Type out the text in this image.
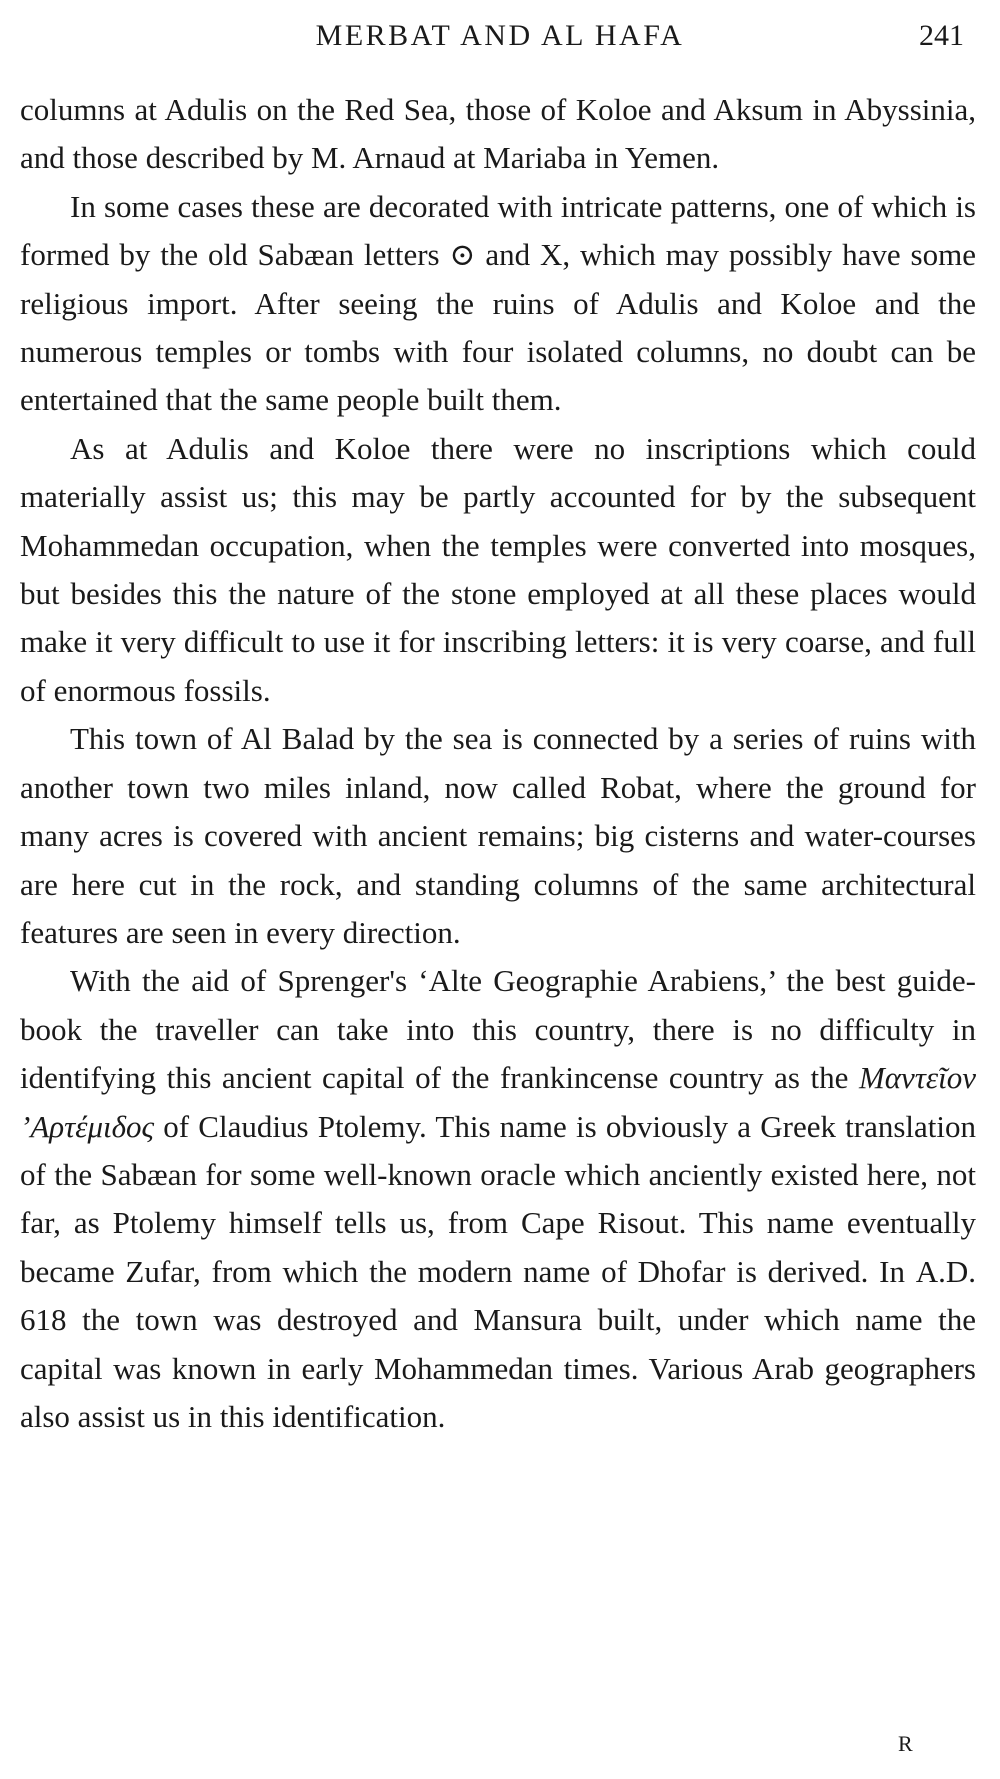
MERBAT AND AL HAFA	241

columns at Adulis on the Red Sea, those of Koloe and Aksum in Abyssinia, and those described by M. Arnaud at Mariaba in Yemen.

In some cases these are decorated with intricate patterns, one of which is formed by the old Sabæan letters ⊙ and X, which may possibly have some religious import. After seeing the ruins of Adulis and Koloe and the numerous temples or tombs with four isolated columns, no doubt can be entertained that the same people built them.

As at Adulis and Koloe there were no inscriptions which could materially assist us; this may be partly accounted for by the subsequent Mohammedan occupation, when the temples were converted into mosques, but besides this the nature of the stone employed at all these places would make it very difficult to use it for inscribing letters: it is very coarse, and full of enormous fossils.

This town of Al Balad by the sea is connected by a series of ruins with another town two miles inland, now called Robat, where the ground for many acres is covered with ancient remains; big cisterns and water-courses are here cut in the rock, and standing columns of the same architectural features are seen in every direction.

With the aid of Sprenger's ‘Alte Geographie Arabiens,’ the best guide-book the traveller can take into this country, there is no difficulty in identifying this ancient capital of the frankincense country as the Μαντεῖον ’Αρτέμιδος of Claudius Ptolemy. This name is obviously a Greek translation of the Sabæan for some well-known oracle which anciently existed here, not far, as Ptolemy himself tells us, from Cape Risout. This name eventually became Zufar, from which the modern name of Dhofar is derived. In A.D. 618 the town was destroyed and Mansura built, under which name the capital was known in early Mohammedan times. Various Arab geographers also assist us in this identification.

R
